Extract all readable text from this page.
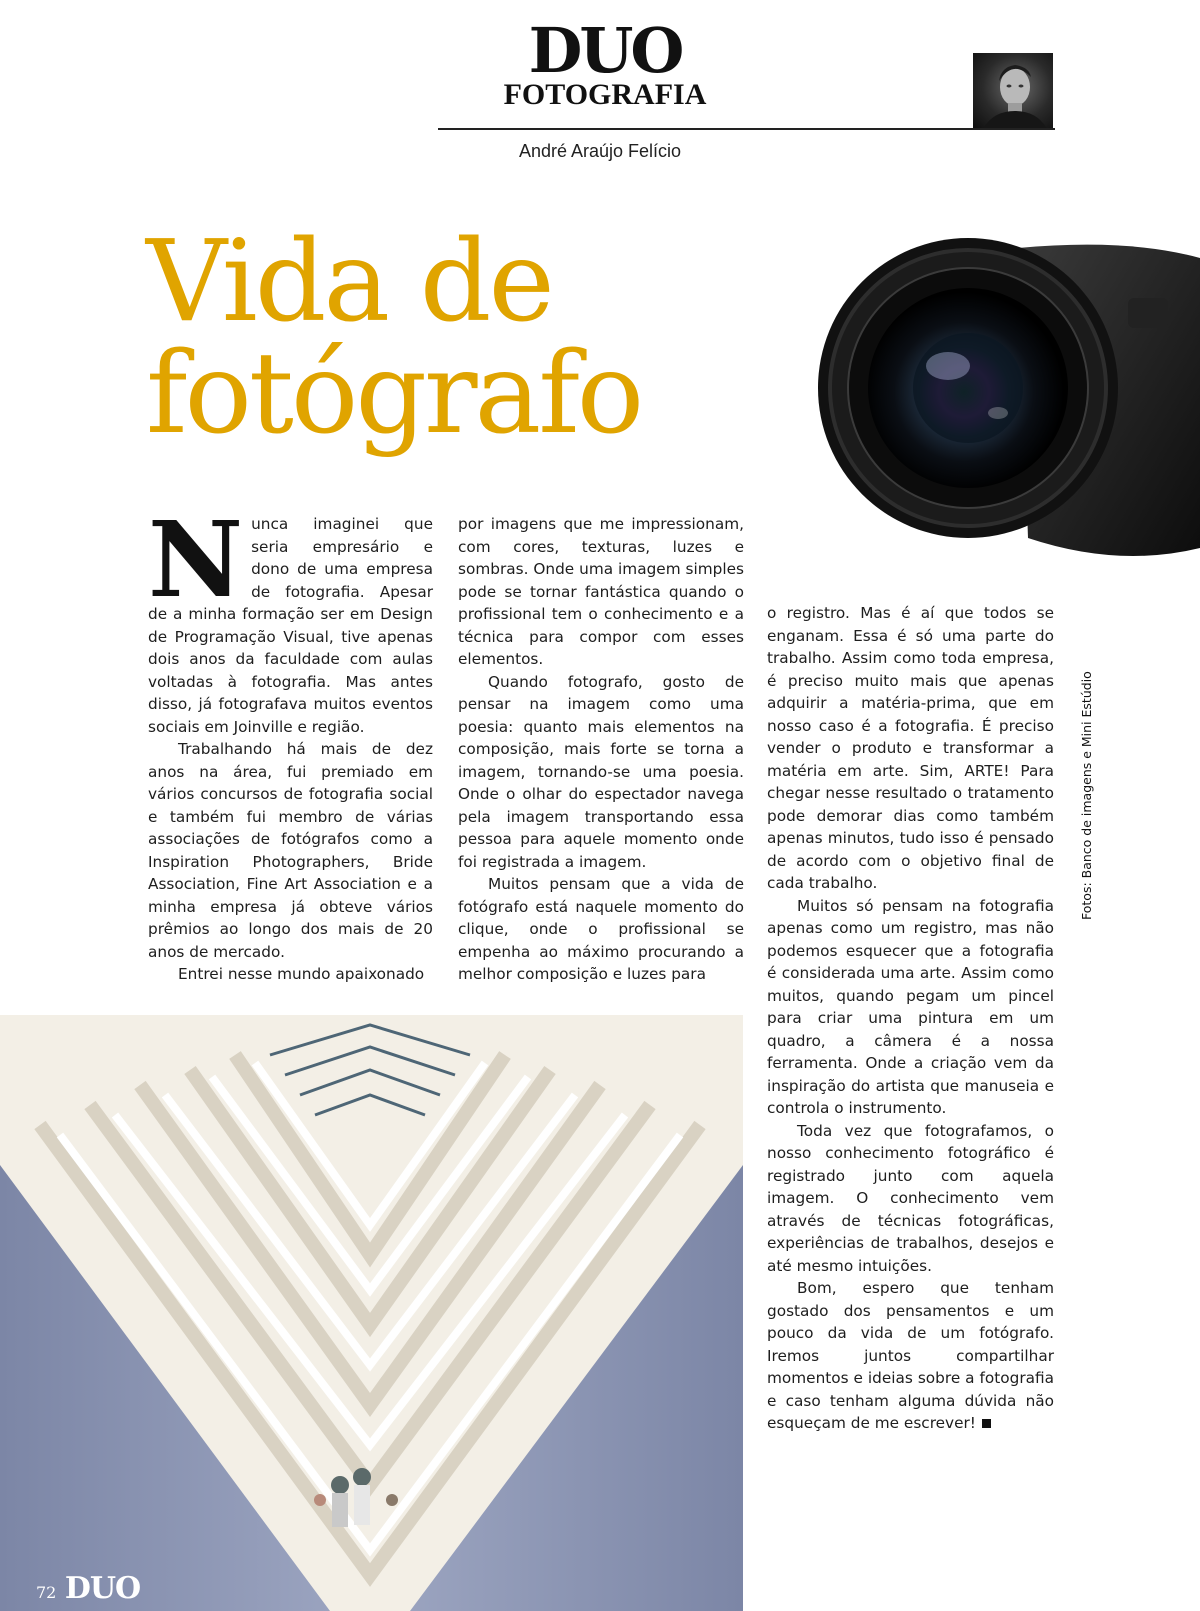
DUO
FOTOGRAFIA
André Araújo Felício
Vida de
fotógrafo

Nunca imaginei que seria empresário e dono de uma empresa de fotografia. Apesar de a minha formação ser em Design de Programação Visual, tive apenas dois anos da faculdade com aulas voltadas à fotografia. Mas antes disso, já fotografava muitos eventos sociais em Joinville e região.

Trabalhando há mais de dez anos na área, fui premiado em vários concursos de fotografia social e também fui membro de várias associações de fotógrafos como a Inspiration Photographers, Bride Association, Fine Art Association e a minha empresa já obteve vários prêmios ao longo dos mais de 20 anos de mercado.

Entrei nesse mundo apaixonado

por imagens que me impressionam, com cores, texturas, luzes e sombras. Onde uma imagem simples pode se tornar fantástica quando o profissional tem o conhecimento e a técnica para compor com esses elementos.

Quando fotografo, gosto de pensar na imagem como uma poesia: quanto mais elementos na composição, mais forte se torna a imagem, tornando-se uma poesia. Onde o olhar do espectador navega pela imagem transportando essa pessoa para aquele momento onde foi registrada a imagem.

Muitos pensam que a vida de fotógrafo está naquele momento do clique, onde o profissional se empenha ao máximo procurando a melhor composição e luzes para

o registro. Mas é aí que todos se enganam. Essa é só uma parte do trabalho. Assim como toda empresa, é preciso muito mais que apenas adquirir a matéria-prima, que em nosso caso é a fotografia. É preciso vender o produto e transformar a matéria em arte. Sim, ARTE! Para chegar nesse resultado o tratamento pode demorar dias como também apenas minutos, tudo isso é pensado de acordo com o objetivo final de cada trabalho.

Muitos só pensam na fotografia apenas como um registro, mas não podemos esquecer que a fotografia é considerada uma arte. Assim como muitos, quando pegam um pincel para criar uma pintura em um quadro, a câmera é a nossa ferramenta. Onde a criação vem da inspiração do artista que manuseia e controla o instrumento.

Toda vez que fotografamos, o nosso conhecimento fotográfico é registrado junto com aquela imagem. O conhecimento vem através de técnicas fotográficas, experiências de trabalhos, desejos e até mesmo intuições.

Bom, espero que tenham gostado dos pensamentos e um pouco da vida de um fotógrafo. Iremos juntos compartilhar momentos e ideias sobre a fotografia e caso tenham alguma dúvida não esqueçam de me escrever!

Fotos: Banco de imagens e Mini Estúdio
72 DUO
